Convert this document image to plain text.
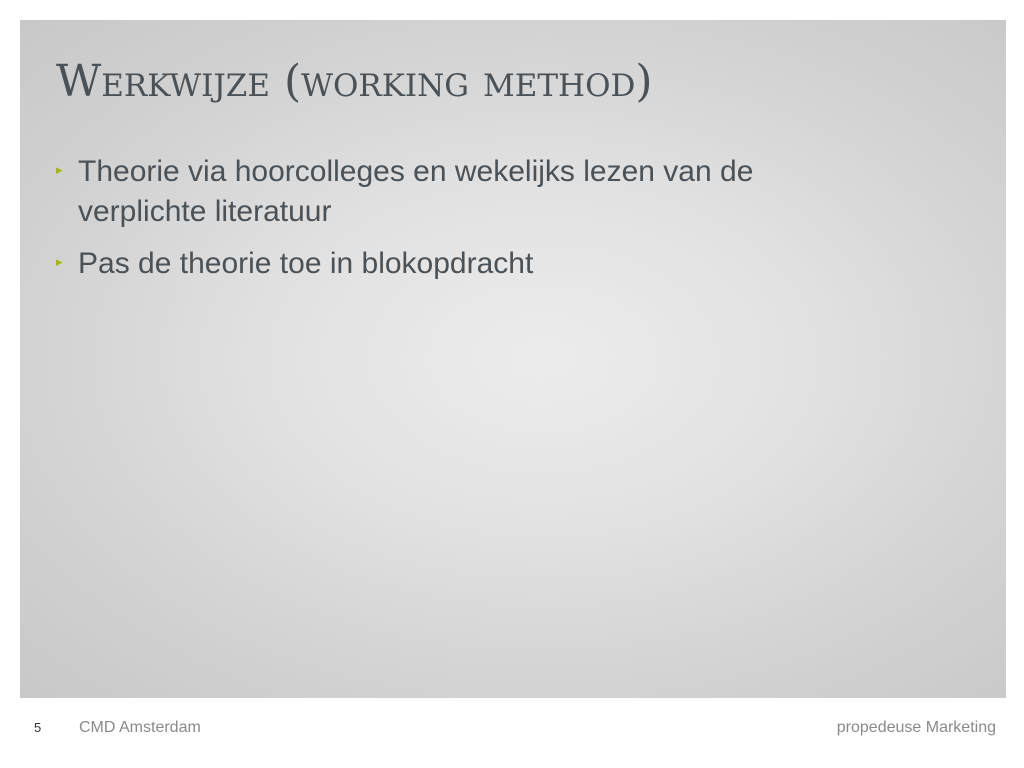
Werkwijze (working method)
▸ Theorie via hoorcolleges en wekelijks lezen van de verplichte literatuur
▸ Pas de theorie toe in blokopdracht
5 CMD Amsterdam	propedeuse Marketing
